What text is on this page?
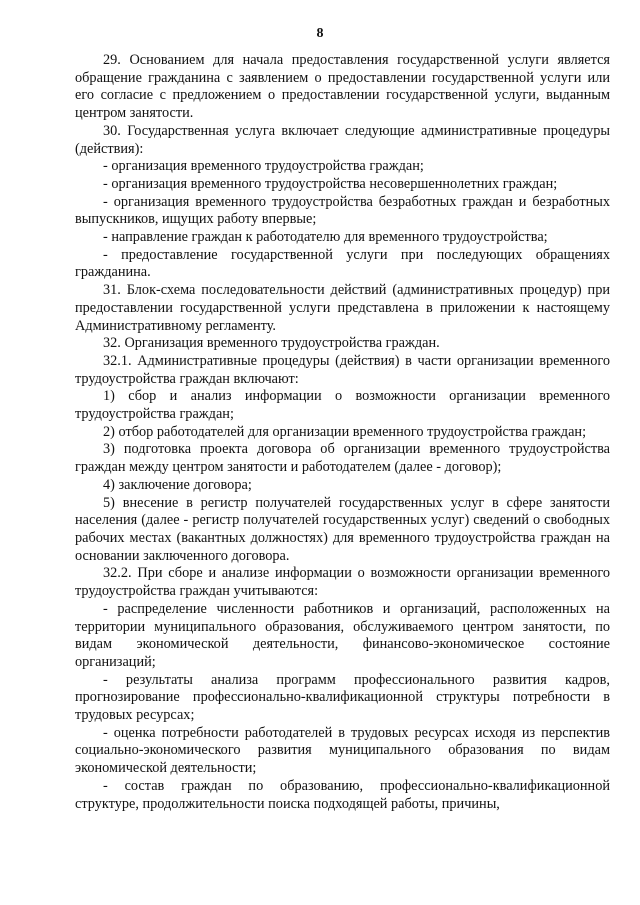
8

29. Основанием для начала предоставления государственной услуги является обращение гражданина с заявлением о предоставлении государственной услуги или его согласие с предложением о предоставлении государственной услуги, выданным центром занятости.

30. Государственная услуга включает следующие административные процедуры (действия):

- организация временного трудоустройства граждан;

- организация временного трудоустройства несовершеннолетних граждан;

- организация временного трудоустройства безработных граждан и безработных выпускников, ищущих работу впервые;

- направление граждан к работодателю для временного трудоустройства;

- предоставление государственной услуги при последующих обращениях гражданина.

31. Блок-схема последовательности действий (административных процедур) при предоставлении государственной услуги представлена в приложении к настоящему Административному регламенту.

32. Организация временного трудоустройства граждан.

32.1. Административные процедуры (действия) в части организации временного трудоустройства граждан включают:

1) сбор и анализ информации о возможности организации временного трудоустройства граждан;

2) отбор работодателей для организации временного трудоустройства граждан;

3) подготовка проекта договора об организации временного трудоустройства граждан между центром занятости и работодателем (далее - договор);

4) заключение договора;

5) внесение в регистр получателей государственных услуг в сфере занятости населения (далее - регистр получателей государственных услуг) сведений о свободных рабочих местах (вакантных должностях) для временного трудоустройства граждан на основании заключенного договора.

32.2. При сборе и анализе информации о возможности организации временного трудоустройства граждан учитываются:

- распределение численности работников и организаций, расположенных на территории муниципального образования, обслуживаемого центром занятости, по видам экономической деятельности, финансово-экономическое состояние организаций;

- результаты анализа программ профессионального развития кадров, прогнозирование профессионально-квалификационной структуры потребности в трудовых ресурсах;

- оценка потребности работодателей в трудовых ресурсах исходя из перспектив социально-экономического развития муниципального образования по видам экономической деятельности;

- состав граждан по образованию, профессионально-квалификационной структуре, продолжительности поиска подходящей работы, причины,
